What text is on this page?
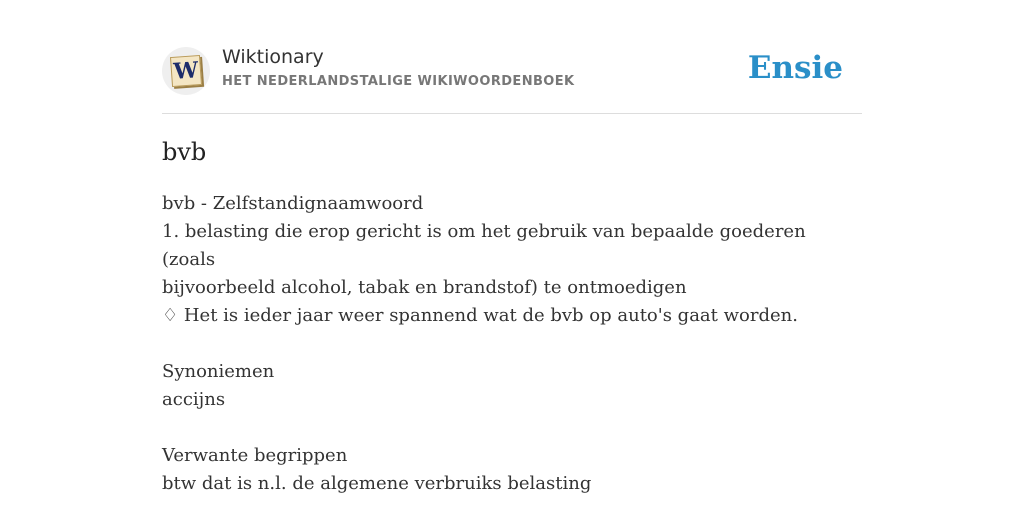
W
Wiktionary
HET NEDERLANDSTALIGE WIKIWOORDENBOEK	Ensie
bvb
bvb - Zelfstandignaamwoord
1. belasting die erop gericht is om het gebruik van bepaalde goederen (zoals
bijvoorbeeld alcohol, tabak en brandstof) te ontmoedigen
♢ Het is ieder jaar weer spannend wat de bvb op auto's gaat worden.
Synoniemen
accijns
Verwante begrippen
btw dat is n.l. de algemene verbruiks belasting
